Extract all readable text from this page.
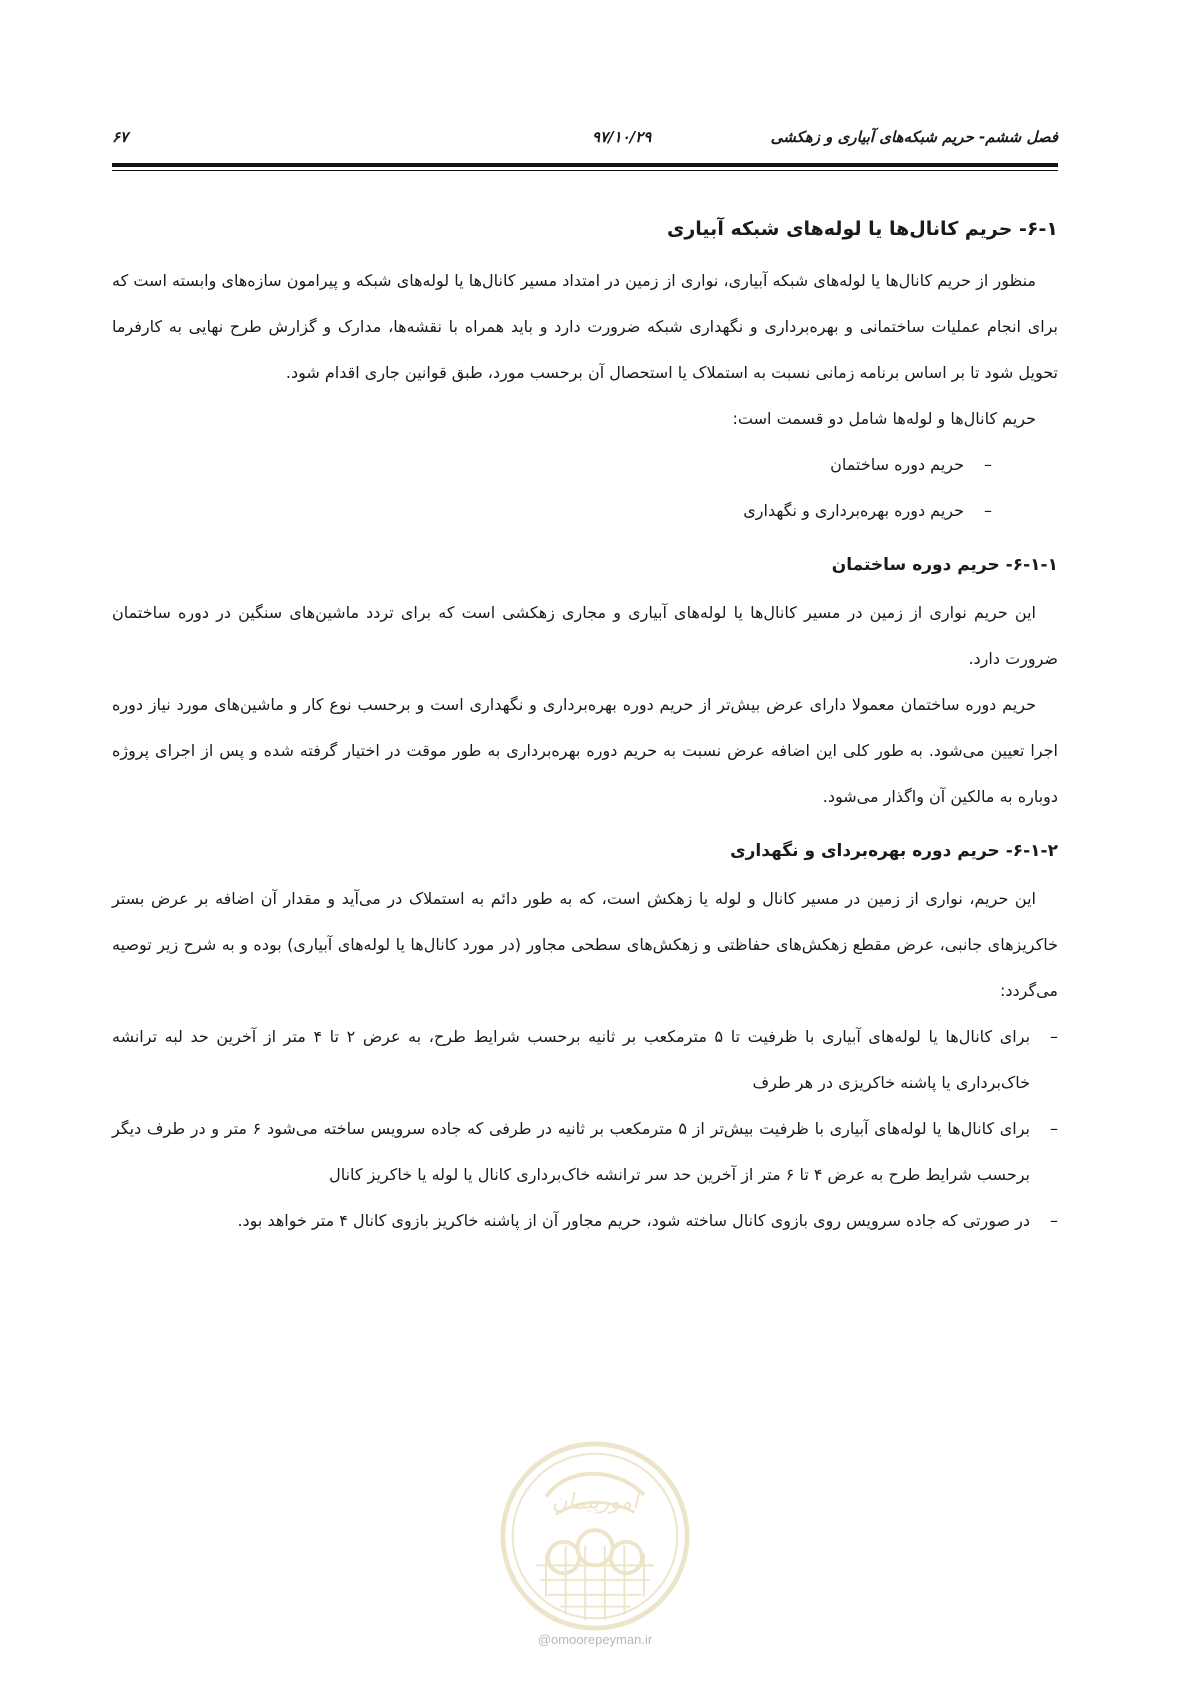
فصل ششم- حریم شبکه‌های آبیاری و زهکشی
۹۷/۱۰/۲۹
۶۷
۶-۱- حریم کانال‌ها یا لوله‌های شبکه آبیاری

منظور از حریم کانال‌ها یا لوله‌های شبکه آبیاری، نواری از زمین در امتداد مسیر کانال‌ها یا لوله‌های شبکه و پیرامون سازه‌های وابسته است که برای انجام عملیات ساختمانی و بهره‌برداری و نگهداری شبکه ضرورت دارد و باید همراه با نقشه‌ها، مدارک و گزارش طرح نهایی به کارفرما تحویل شود تا بر اساس برنامه زمانی نسبت به استملاک یا استحصال آن برحسب مورد، طبق قوانین جاری اقدام شود.

حریم کانال‌ها و لوله‌ها شامل دو قسمت است:

–
حریم دوره ساختمان
–
حریم دوره بهره‌برداری و نگهداری
۶-۱-۱- حریم دوره ساختمان

این حریم نواری از زمین در مسیر کانال‌ها یا لوله‌های آبیاری و مجاری زهکشی است که برای تردد ماشین‌های سنگین در دوره ساختمان ضرورت دارد.

حریم دوره ساختمان معمولا دارای عرض بیش‌تر از حریم دوره بهره‌برداری و نگهداری است و برحسب نوع کار و ماشین‌های مورد نیاز دوره اجرا تعیین می‌شود. به طور کلی این اضافه عرض نسبت به حریم دوره بهره‌برداری به طور موقت در اختیار گرفته شده و پس از اجرای پروژه دوباره به مالکین آن واگذار می‌شود.

۶-۱-۲- حریم دوره بهره‌بردای و نگهداری

این حریم، نواری از زمین در مسیر کانال و لوله یا زهکش است، که به طور دائم به استملاک در می‌آید و مقدار آن اضافه بر عرض بستر خاکریزهای جانبی، عرض مقطع زهکش‌های حفاظتی و زهکش‌های سطحی مجاور (در مورد کانال‌ها یا لوله‌های آبیاری) بوده و به شرح زیر توصیه می‌گردد:

–
برای کانال‌ها یا لوله‌های آبیاری با ظرفیت تا ۵ مترمکعب بر ثانیه برحسب شرایط طرح، به عرض ۲ تا ۴ متر از آخرین حد لبه ترانشه خاک‌برداری یا پاشنه خاکریزی در هر طرف
–
برای کانال‌ها یا لوله‌های آبیاری با ظرفیت بیش‌تر از ۵ مترمکعب بر ثانیه در طرفی که جاده سرویس ساخته می‌شود ۶ متر و در طرف دیگر برحسب شرایط طرح به عرض ۴ تا ۶ متر از آخرین حد سر ترانشه خاک‌برداری کانال یا لوله یا خاکریز کانال
–
در صورتی که جاده سرویس روی بازوی کانال ساخته شود، حریم مجاور آن از پاشنه خاکریز بازوی کانال ۴ متر خواهد بود.
امورپیمان
@omoorepeyman.ir
